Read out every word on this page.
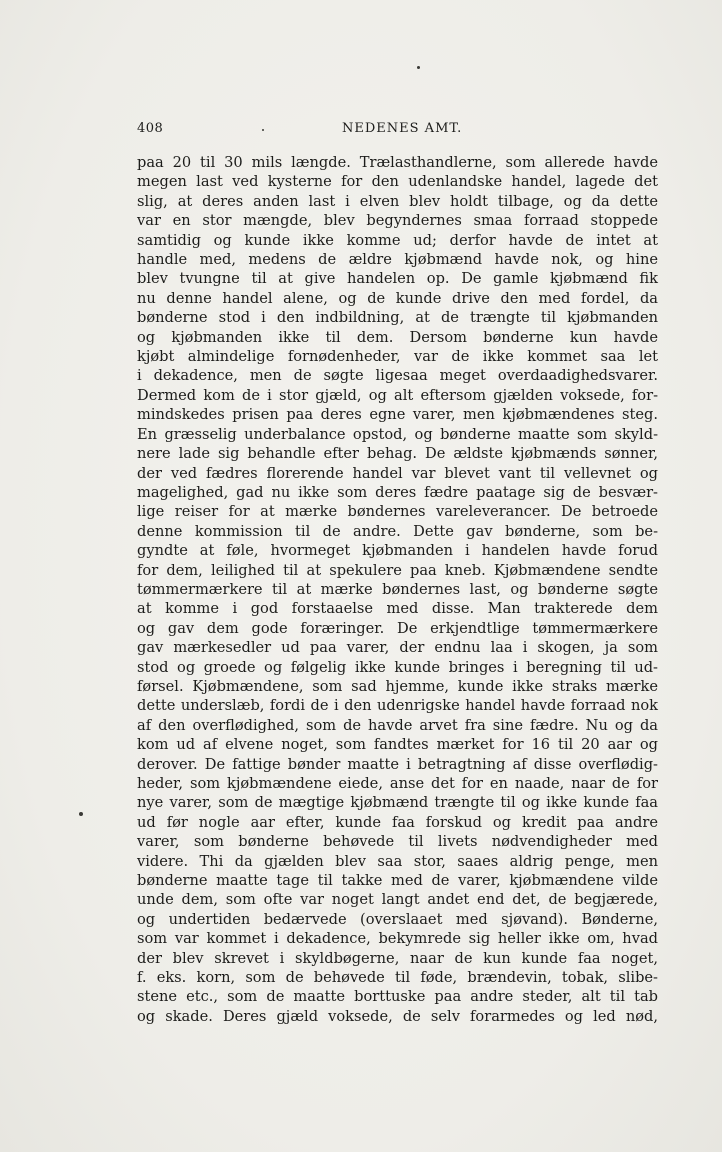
408	NEDENES AMT.
paa 20 til 30 mils længde. Trælasthandlerne, som allerede havde
megen last ved kysterne for den udenlandske handel, lagede det
slig, at deres anden last i elven blev holdt tilbage, og da dette
var en stor mængde, blev begyndernes smaa forraad stoppede
samtidig og kunde ikke komme ud; derfor havde de intet at
handle med, medens de ældre kjøbmænd havde nok, og hine
blev tvungne til at give handelen op. De gamle kjøbmænd fik
nu denne handel alene, og de kunde drive den med fordel, da
bønderne stod i den indbildning, at de trængte til kjøbmanden
og kjøbmanden ikke til dem. Dersom bønderne kun havde
kjøbt almindelige fornødenheder, var de ikke kommet saa let
i dekadence, men de søgte ligesaa meget overdaadighedsvarer.
Dermed kom de i stor gjæld, og alt eftersom gjælden voksede, for-
mindskedes prisen paa deres egne varer, men kjøbmændenes steg.
En græsselig underbalance opstod, og bønderne maatte som skyld-
nere lade sig behandle efter behag. De ældste kjøbmænds sønner,
der ved fædres florerende handel var blevet vant til vellevnet og
magelighed, gad nu ikke som deres fædre paatage sig de besvær-
lige reiser for at mærke bøndernes vareleverancer. De betroede
denne kommission til de andre. Dette gav bønderne, som be-
gyndte at føle, hvormeget kjøbmanden i handelen havde forud
for dem, leilighed til at spekulere paa kneb. Kjøbmændene sendte
tømmermærkere til at mærke bøndernes last, og bønderne søgte
at komme i god forstaaelse med disse. Man trakterede dem
og gav dem gode foræringer. De erkjendtlige tømmermærkere
gav mærkesedler ud paa varer, der endnu laa i skogen, ja som
stod og groede og følgelig ikke kunde bringes i beregning til ud-
førsel. Kjøbmændene, som sad hjemme, kunde ikke straks mærke
dette underslæb, fordi de i den udenrigske handel havde forraad nok
af den overflødighed, som de havde arvet fra sine fædre. Nu og da
kom ud af elvene noget, som fandtes mærket for 16 til 20 aar og
derover. De fattige bønder maatte i betragtning af disse overflødig-
heder, som kjøbmændene eiede, anse det for en naade, naar de for
nye varer, som de mægtige kjøbmænd trængte til og ikke kunde faa
ud før nogle aar efter, kunde faa forskud og kredit paa andre
varer, som bønderne behøvede til livets nødvendigheder med
videre. Thi da gjælden blev saa stor, saaes aldrig penge, men
bønderne maatte tage til takke med de varer, kjøbmændene vilde
unde dem, som ofte var noget langt andet end det, de begjærede,
og undertiden bedærvede (overslaaet med sjøvand). Bønderne,
som var kommet i dekadence, bekymrede sig heller ikke om, hvad
der blev skrevet i skyldbøgerne, naar de kun kunde faa noget,
f. eks. korn, som de behøvede til føde, brændevin, tobak, slibe-
stene etc., som de maatte borttuske paa andre steder, alt til tab
og skade. Deres gjæld voksede, de selv forarmedes og led nød,
